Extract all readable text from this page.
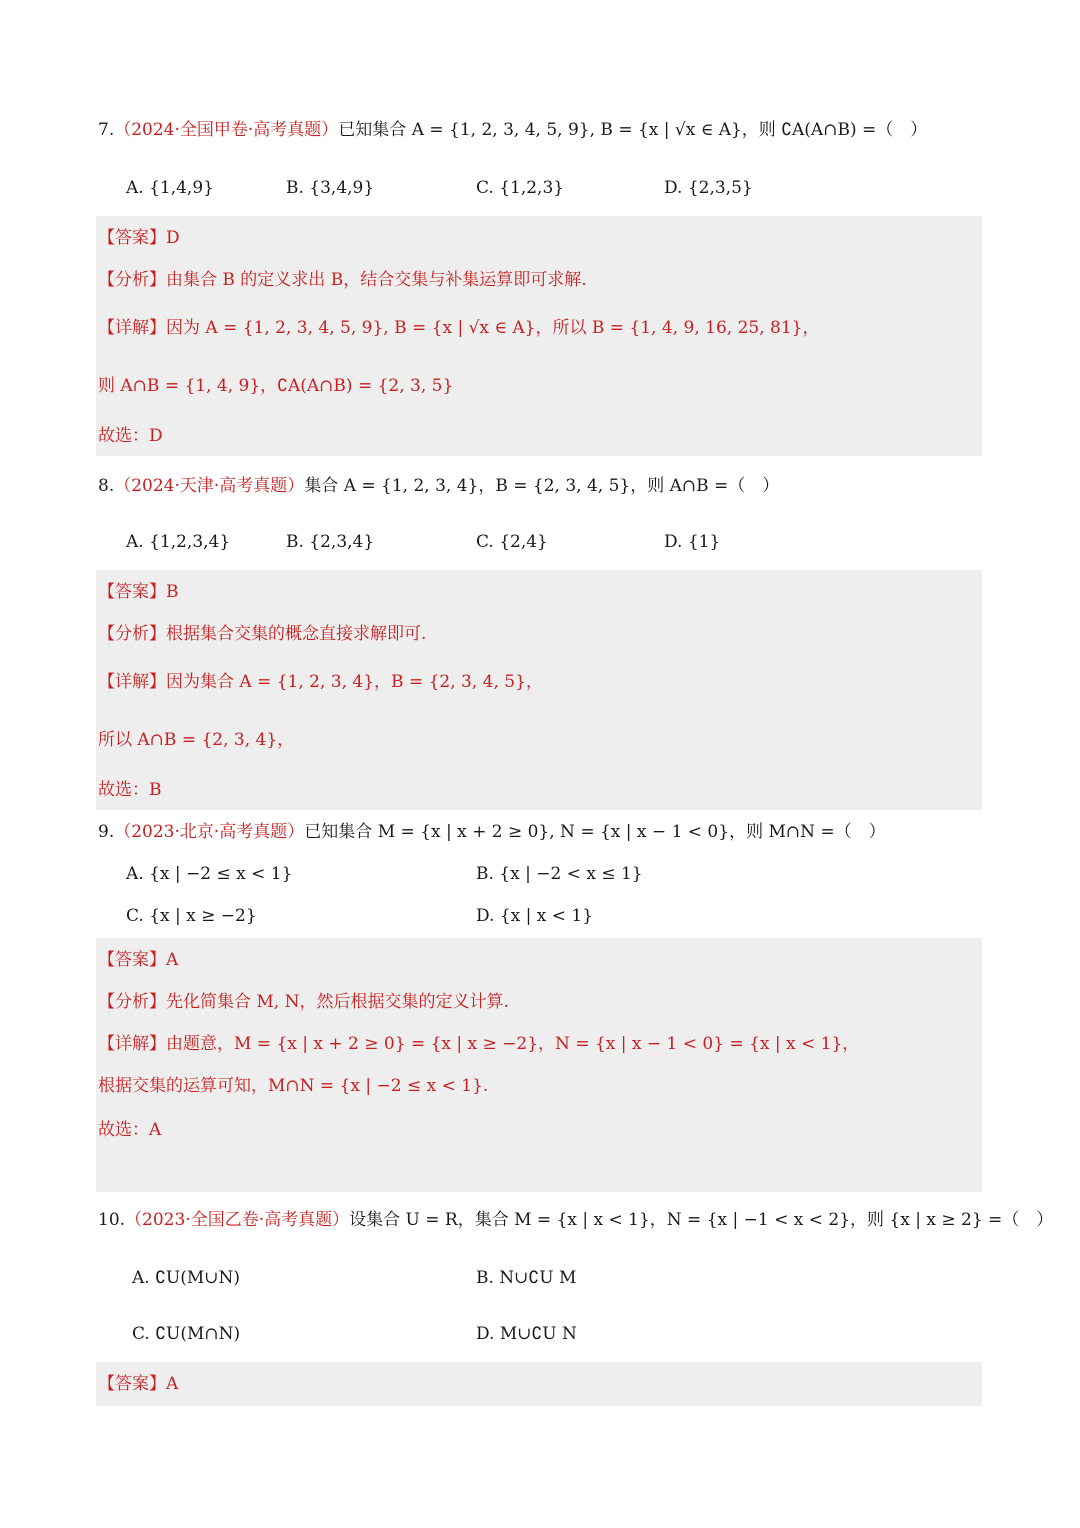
7.（2024·全国甲卷·高考真题）已知集合 A = {1, 2, 3, 4, 5, 9}, B = {x | √x ∈ A}，则 ∁A(A∩B) =（　）
A. {1,4,9}	B. {3,4,9}	C. {1,2,3}	D. {2,3,5}
【答案】D
【分析】由集合 B 的定义求出 B，结合交集与补集运算即可求解.
【详解】因为 A = {1, 2, 3, 4, 5, 9}, B = {x | √x ∈ A}，所以 B = {1, 4, 9, 16, 25, 81}，
则 A∩B = {1, 4, 9}，∁A(A∩B) = {2, 3, 5}
故选：D
8.（2024·天津·高考真题）集合 A = {1, 2, 3, 4}，B = {2, 3, 4, 5}，则 A∩B =（　）
A. {1,2,3,4}	B. {2,3,4}	C. {2,4}	D. {1}
【答案】B
【分析】根据集合交集的概念直接求解即可.
【详解】因为集合 A = {1, 2, 3, 4}，B = {2, 3, 4, 5}，
所以 A∩B = {2, 3, 4}，
故选：B
9.（2023·北京·高考真题）已知集合 M = {x | x + 2 ≥ 0}, N = {x | x − 1 < 0}，则 M∩N =（　）
A. {x | −2 ≤ x < 1}	B. {x | −2 < x ≤ 1}
C. {x | x ≥ −2}	D. {x | x < 1}
【答案】A
【分析】先化简集合 M, N，然后根据交集的定义计算.
【详解】由题意，M = {x | x + 2 ≥ 0} = {x | x ≥ −2}，N = {x | x − 1 < 0} = {x | x < 1}，
根据交集的运算可知，M∩N = {x | −2 ≤ x < 1}.
故选：A
10.（2023·全国乙卷·高考真题）设集合 U = R，集合 M = {x | x < 1}，N = {x | −1 < x < 2}，则 {x | x ≥ 2} =（　）
A. ∁U(M∪N)	B. N∪∁U M
C. ∁U(M∩N)	D. M∪∁U N
【答案】A
